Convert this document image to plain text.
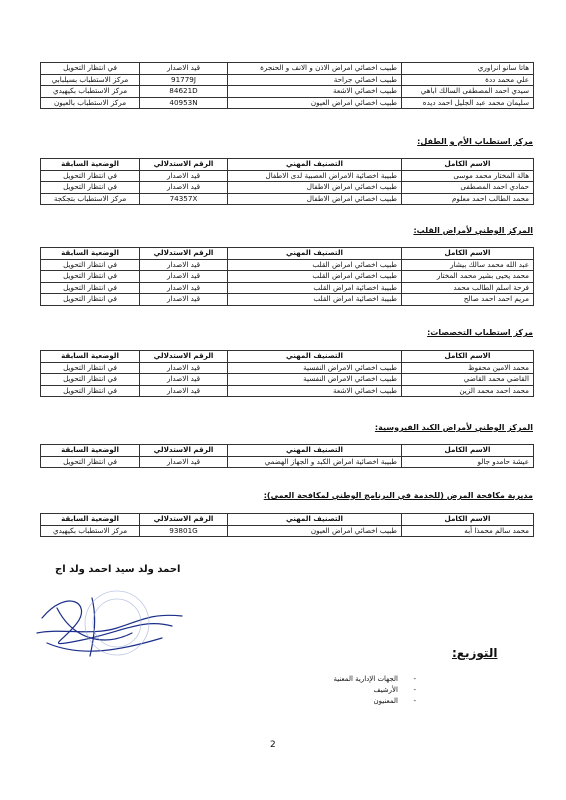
هاتا سانو انراوري	طبيب اخصائي امراض الاذن و الانف و الحنجرة	قيد الاصدار	في انتظار التحويل
علي محمد ددة	طبيب اخصائي جراحة	91779J	مركز الاستطباب بسيلبابي
سيدي احمد المصطفى السالك اباهي	طبيب اخصائي الاشعة	84621D	مركز الاستطباب بكيهيدي
سليمان محمد عبد الجليل احمد ديده	طبيب اخصائي امراض العيون	40953N	مركز الاستطباب بالعيون
مركز استطباب الأم و الطفل:
الاسم الكامل	التصنيف المهني	الرقم الاستدلالي	الوضعية السابقة
هالة المختار محمد موسى	طبيبة اخصائية الامراض العصبية لدى الاطفال	قيد الاصدار	في انتظار التحويل
حمادي احمد المصطفى	طبيب اخصائي امراض الاطفال	قيد الاصدار	في انتظار التحويل
محمد الطالب احمد معلوم	طبيب اخصائي امراض الاطفال	74357X	مركز الاستطباب بتجكجة
المركز الوطني لأمراض القلب:
الاسم الكامل	التصنيف المهني	الرقم الاستدلالي	الوضعية السابقة
عبد الله محمد سالك بيشار	طبيب اخصائي امراض القلب	قيد الاصدار	في انتظار التحويل
محمد يحيى بشير محمد المختار	طبيب اخصائي امراض القلب	قيد الاصدار	في انتظار التحويل
فرحة اسلم الطالب محمد	طبيبة اخصائية امراض القلب	قيد الاصدار	في انتظار التحويل
مريم احمد احمد صالح	طبيبة اخصائية امراض القلب	قيد الاصدار	في انتظار التحويل
مركز استطباب التخصصات:
الاسم الكامل	التصنيف المهني	الرقم الاستدلالي	الوضعية السابقة
محمد الامين محفوظ	طبيب اخصائي الامراض النفسية	قيد الاصدار	في انتظار التحويل
القاضي محمد القاضي	طبيب اخصائي الامراض النفسية	قيد الاصدار	في انتظار التحويل
محمد احمد محمد الزين	طبيب اخصائي الاشعة	قيد الاصدار	في انتظار التحويل
المركز الوطني لأمراض الكبد الفيروسية:
الاسم الكامل	التصنيف المهني	الرقم الاستدلالي	الوضعية السابقة
عيشة حامدو جالو	طبيبة اخصائية امراض الكبد و الجهاز الهضمي	قيد الاصدار	في انتظار التحويل
مديرية مكافحة المرض (للخدمة في البرنامج الوطني لمكافحة العمى):
الاسم الكامل	التصنيف المهني	الرقم الاستدلالي	الوضعية السابقة
محمد سالم محمذا أبه	طبيب اخصائي امراض العيون	93801G	مركز الاستطباب بكيهيدي
احمد ولد سيد احمد ولد اج
التوزيع:
-الجهات الإدارية المعنية
-الأرشيف
-المعنيون
2
